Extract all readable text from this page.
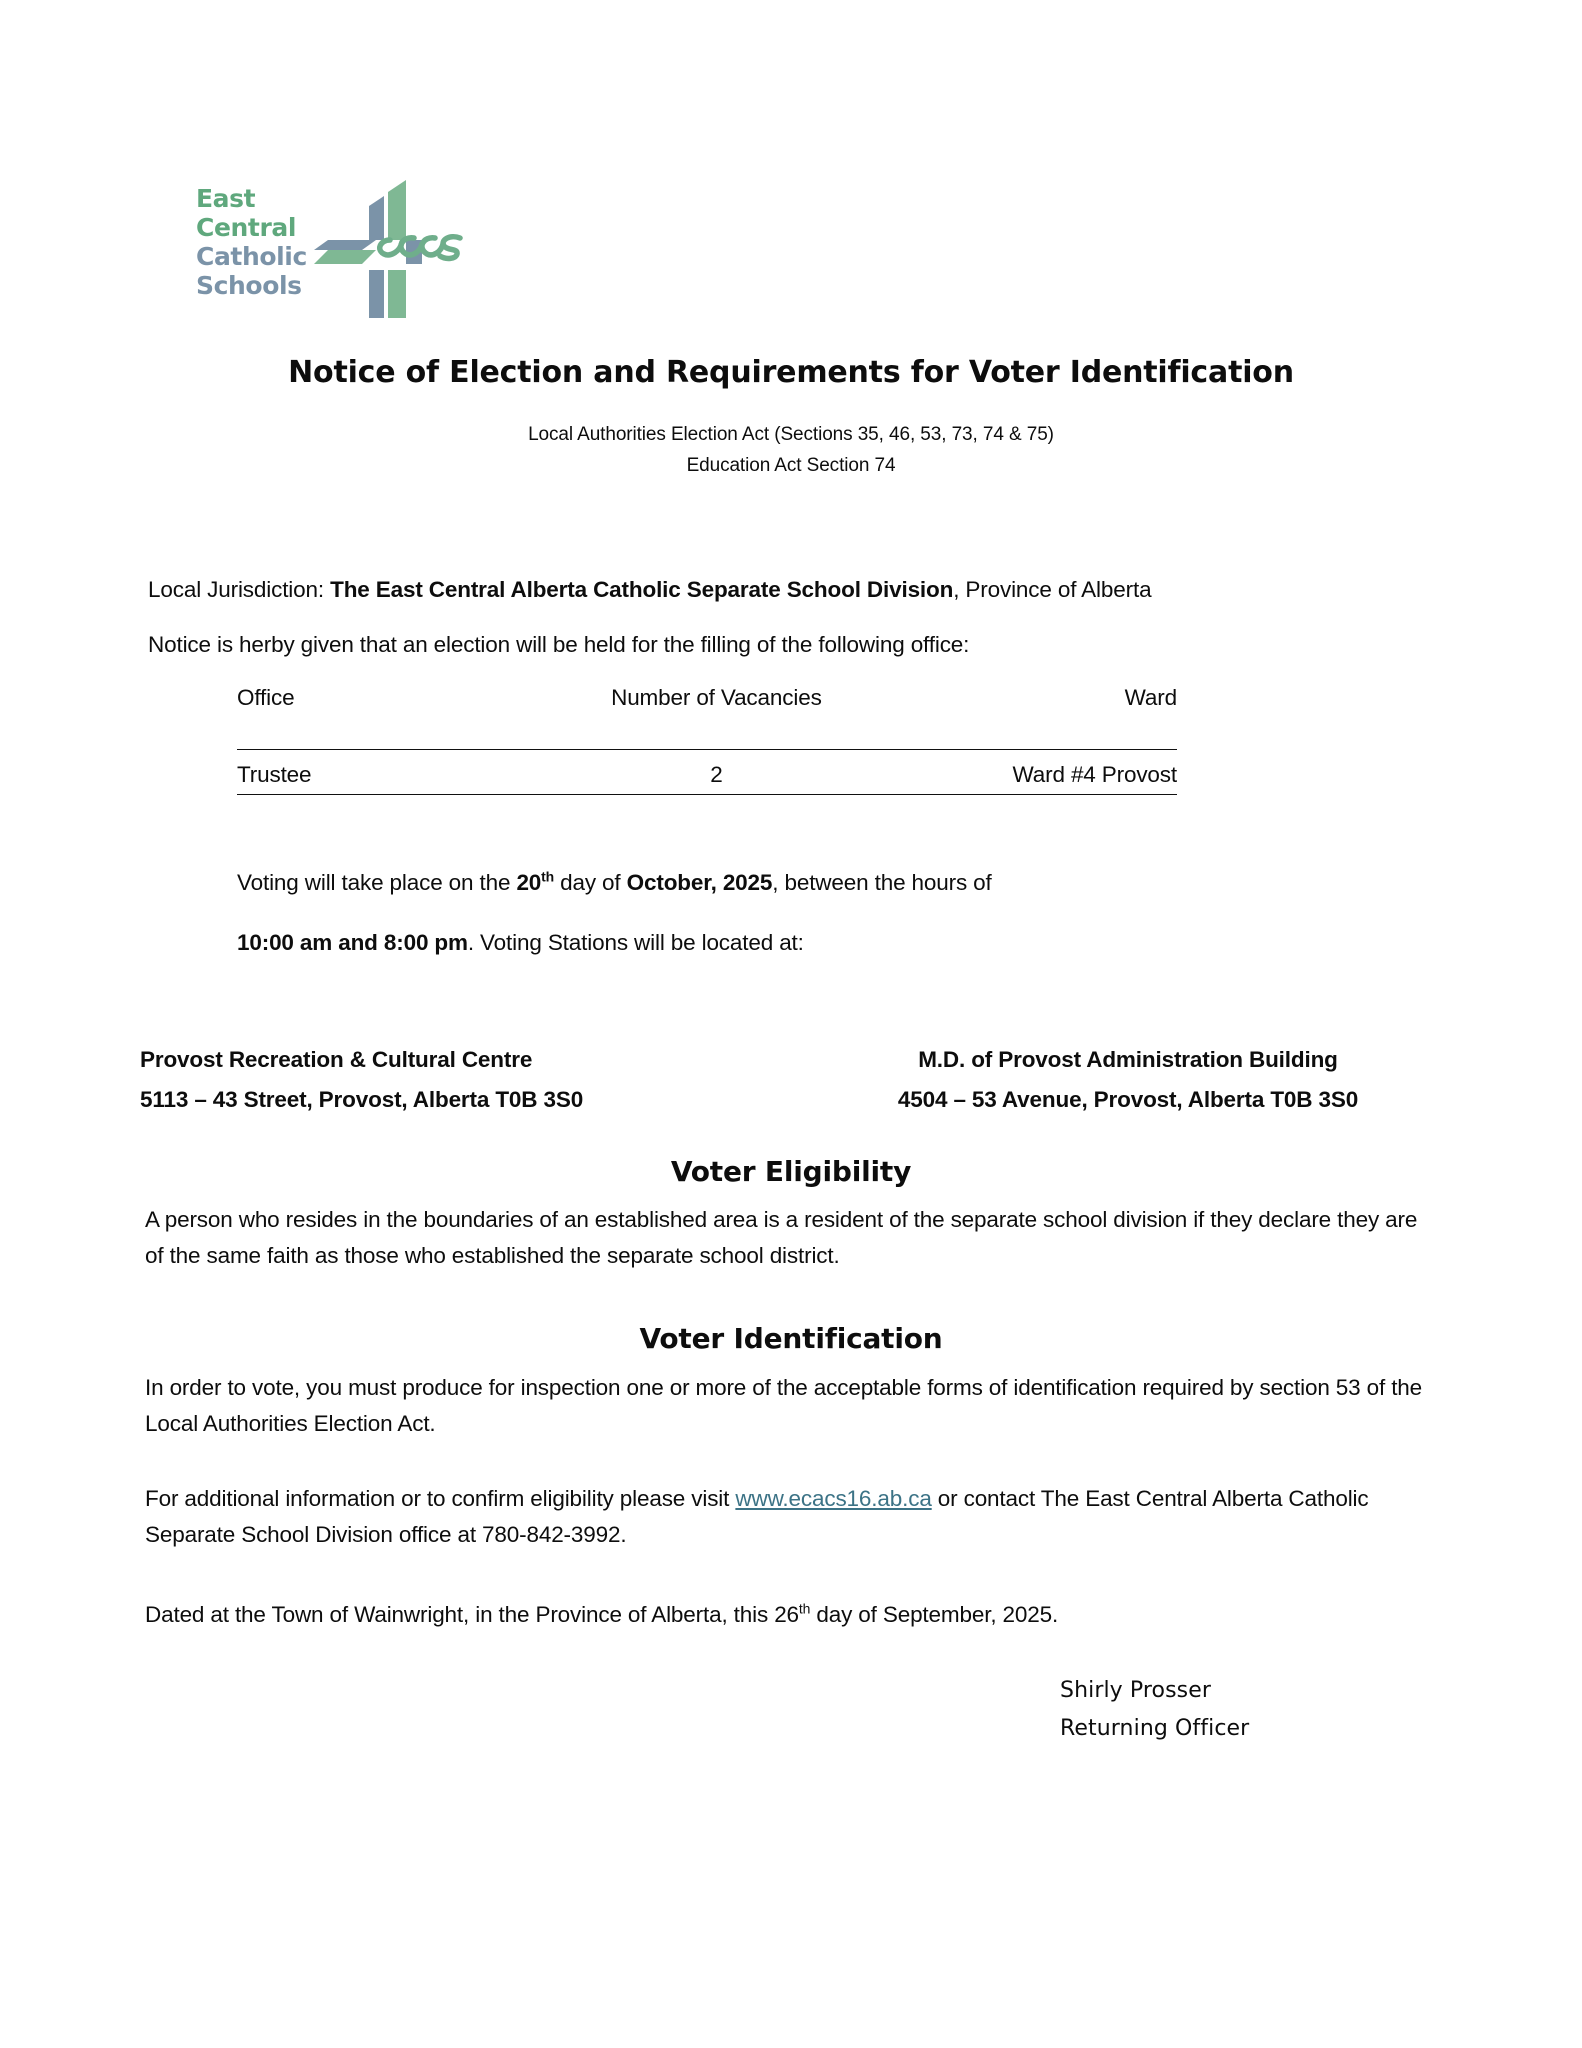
East
Central
Catholic
Schools
Notice of Election and Requirements for Voter Identification
Local Authorities Election Act (Sections 35, 46, 53, 73, 74 & 75)
Education Act Section 74
Local Jurisdiction: The East Central Alberta Catholic Separate School Division, Province of Alberta
Notice is herby given that an election will be held for the filling of the following office:
Office	Number of Vacancies	Ward
Trustee	2	Ward #4 Provost
Voting will take place on the 20th day of October, 2025, between the hours of
10:00 am and 8:00 pm. Voting Stations will be located at:
Provost Recreation & Cultural Centre	M.D. of Provost Administration Building
5113 – 43 Street, Provost, Alberta T0B 3S0	4504 – 53 Avenue, Provost, Alberta T0B 3S0
Voter Eligibility
A person who resides in the boundaries of an established area is a resident of the separate school division if they declare they are of the same faith as those who established the separate school district.
Voter Identification
In order to vote, you must produce for inspection one or more of the acceptable forms of identification required by section 53 of the Local Authorities Election Act.
For additional information or to confirm eligibility please visit www.ecacs16.ab.ca or contact The East Central Alberta Catholic Separate School Division office at 780-842-3992.
Dated at the Town of Wainwright, in the Province of Alberta, this 26th day of September, 2025.
Shirly Prosser
Returning Officer
